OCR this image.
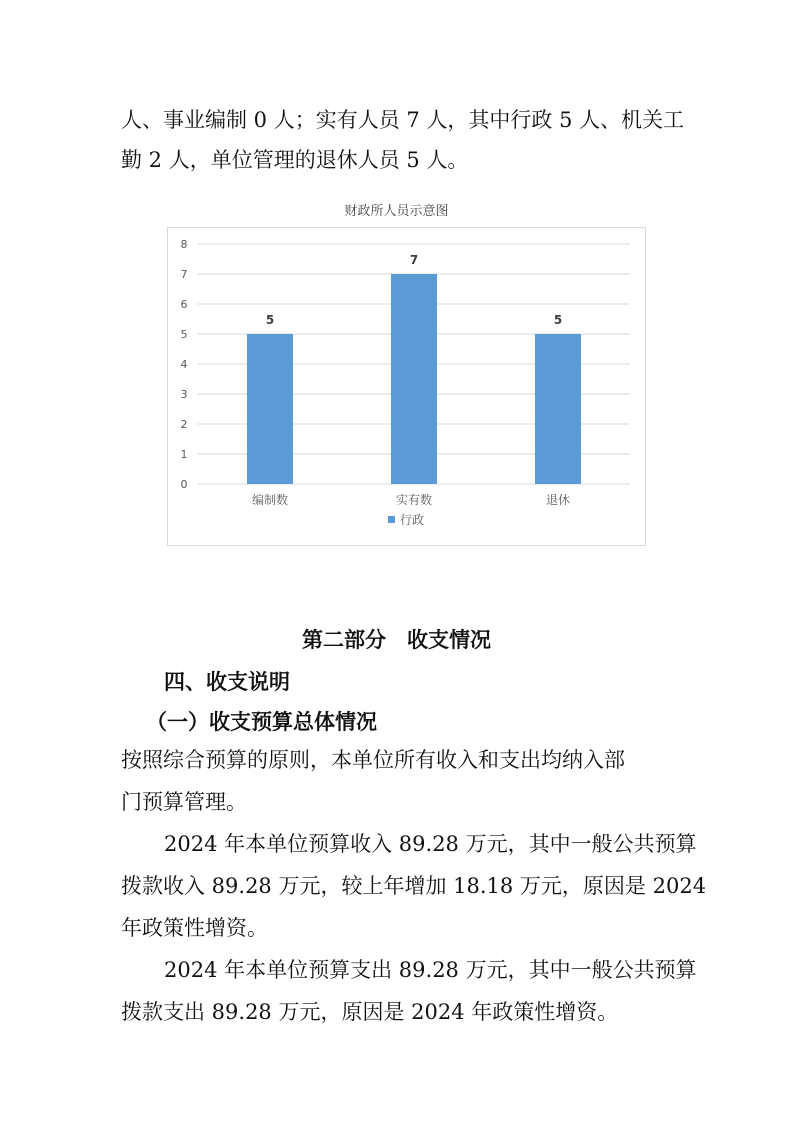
人、事业编制 0 人；实有人员 7 人，其中行政 5 人、机关工

勤 2 人，单位管理的退休人员 5 人。

财政所人员示意图
0
1
2
3
4
5
6
7
8
5
编制数
7
实有数
5
退休
行政
第二部分　收支情况
四、收支说明
（一）收支预算总体情况

按照综合预算的原则，本单位所有收入和支出均纳入部

门预算管理。

2024 年本单位预算收入 89.28 万元，其中一般公共预算

拨款收入 89.28 万元，较上年增加 18.18 万元，原因是 2024

年政策性增资。

2024 年本单位预算支出 89.28 万元，其中一般公共预算

拨款支出 89.28 万元，原因是 2024 年政策性增资。
